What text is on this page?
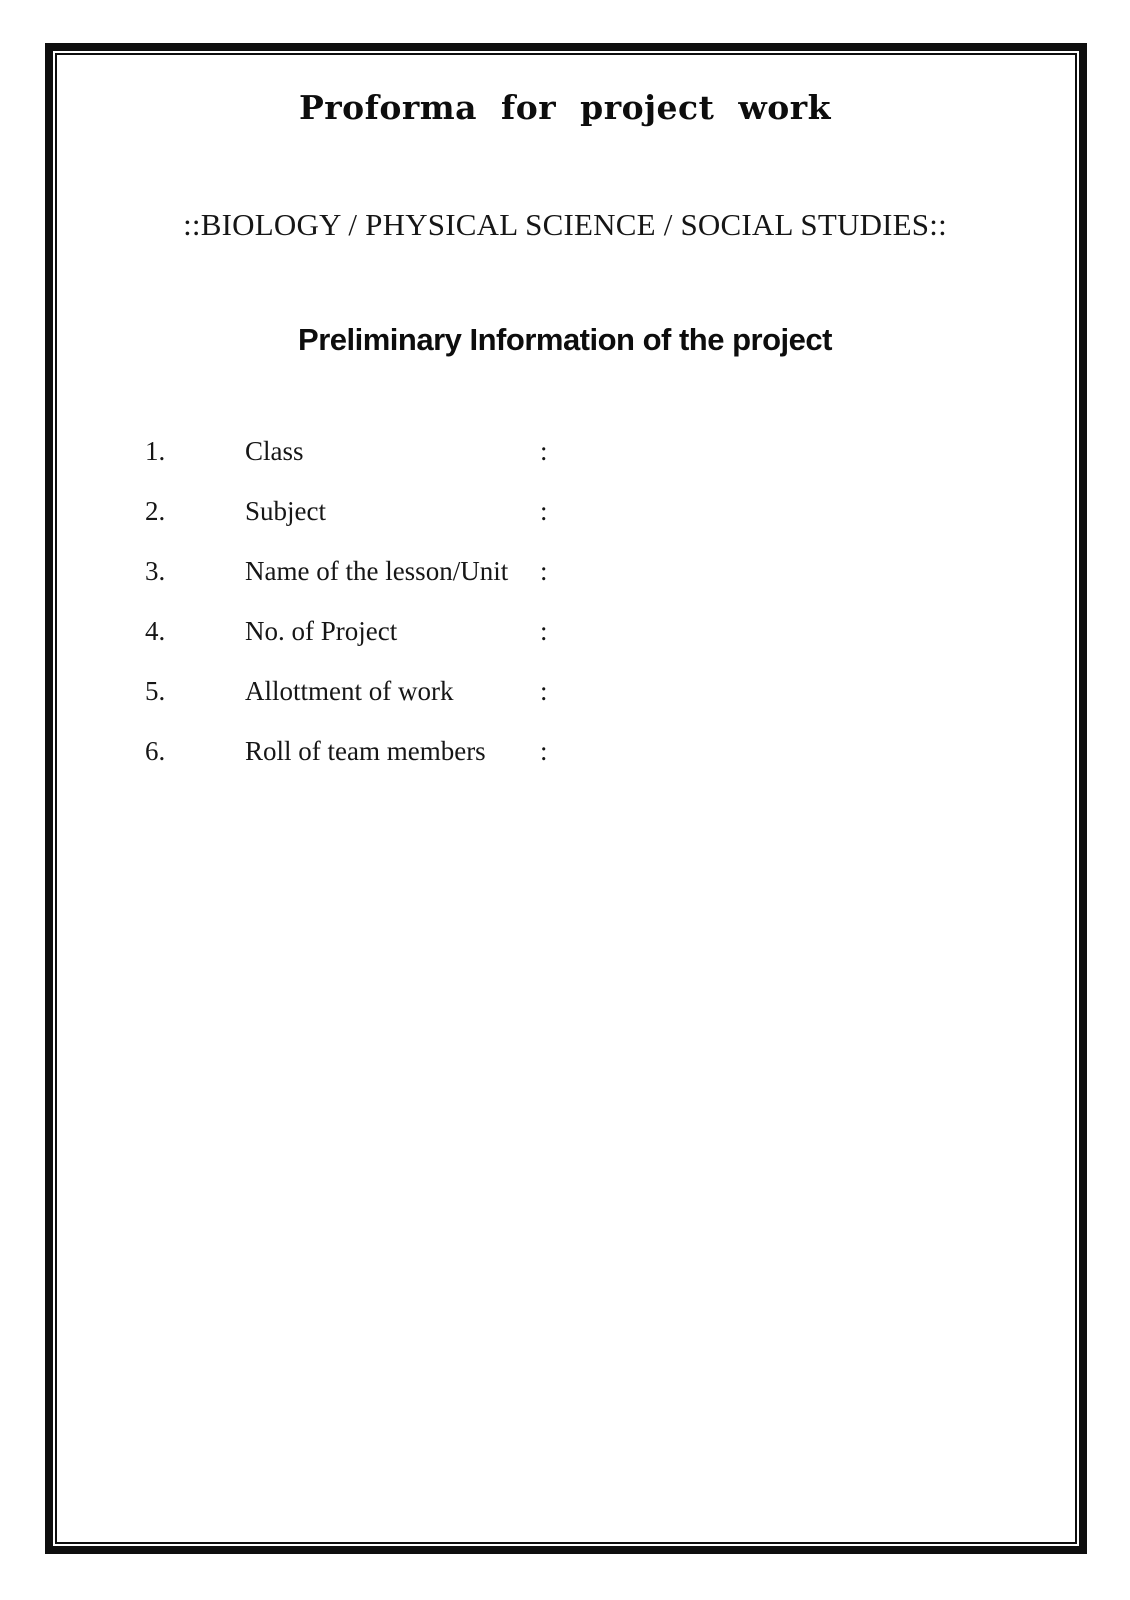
Proforma for project work
::BIOLOGY / PHYSICAL SCIENCE / SOCIAL STUDIES::
Preliminary Information of the project
1.	Class	:
2.	Subject	:
3.	Name of the lesson/Unit	:
4.	No. of Project	:
5.	Allottment of work	:
6.	Roll of team members	:
